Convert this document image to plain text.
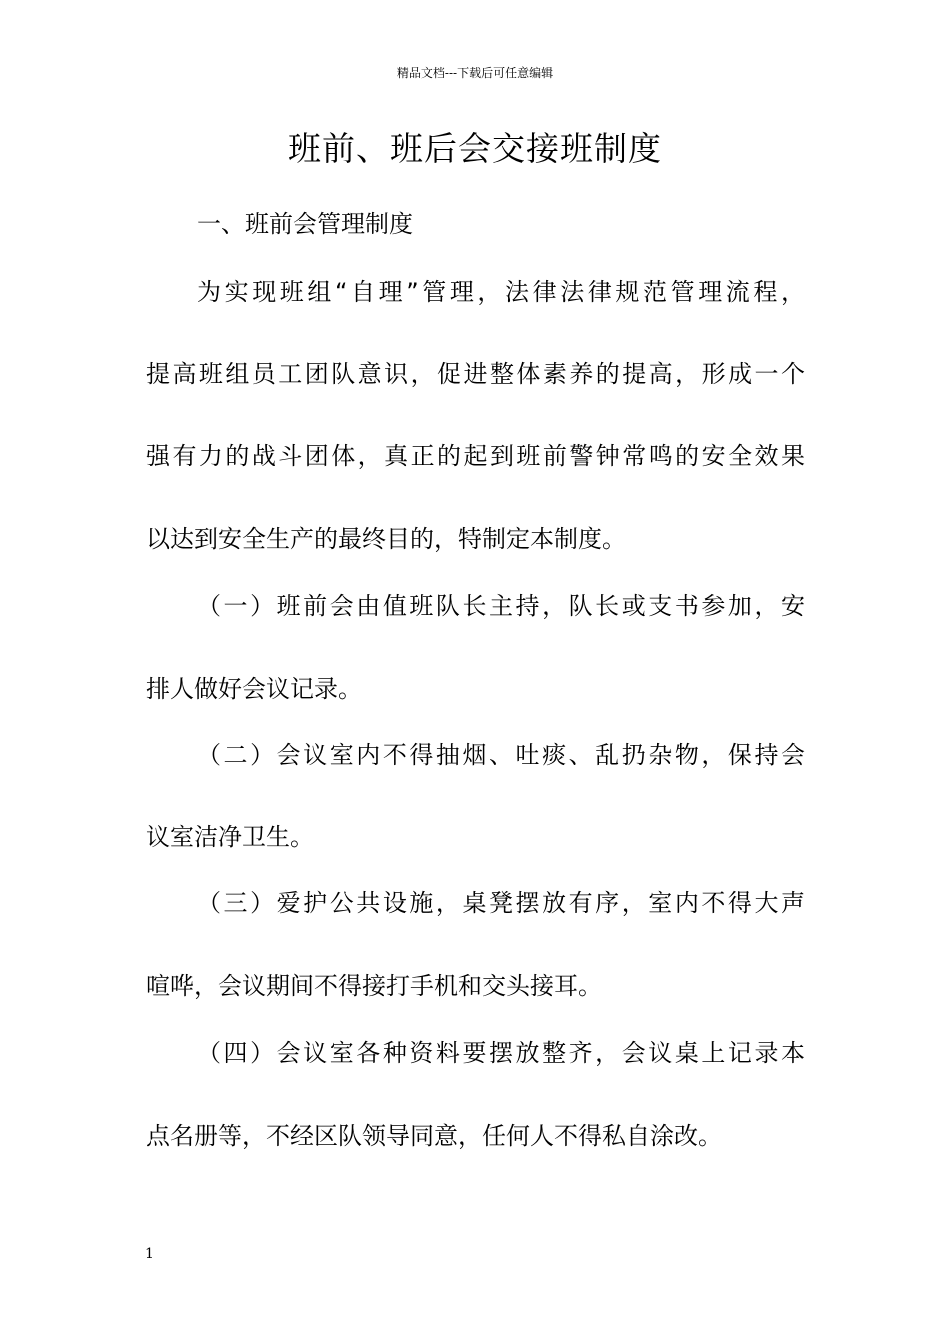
精品文档---下载后可任意编辑
班前、班后会交接班制度
一、班前会管理制度
为实现班组“自理”管理，法律法律规范管理流程，
提高班组员工团队意识，促进整体素养的提高，形成一个
强有力的战斗团体，真正的起到班前警钟常鸣的安全效果
以达到安全生产的最终目的，特制定本制度。
（一）班前会由值班队长主持，队长或支书参加，安
排人做好会议记录。
（二）会议室内不得抽烟、吐痰、乱扔杂物，保持会
议室洁净卫生。
（三）爱护公共设施，桌凳摆放有序，室内不得大声
喧哗，会议期间不得接打手机和交头接耳。
（四）会议室各种资料要摆放整齐，会议桌上记录本
点名册等，不经区队领导同意，任何人不得私自涂改。
1
